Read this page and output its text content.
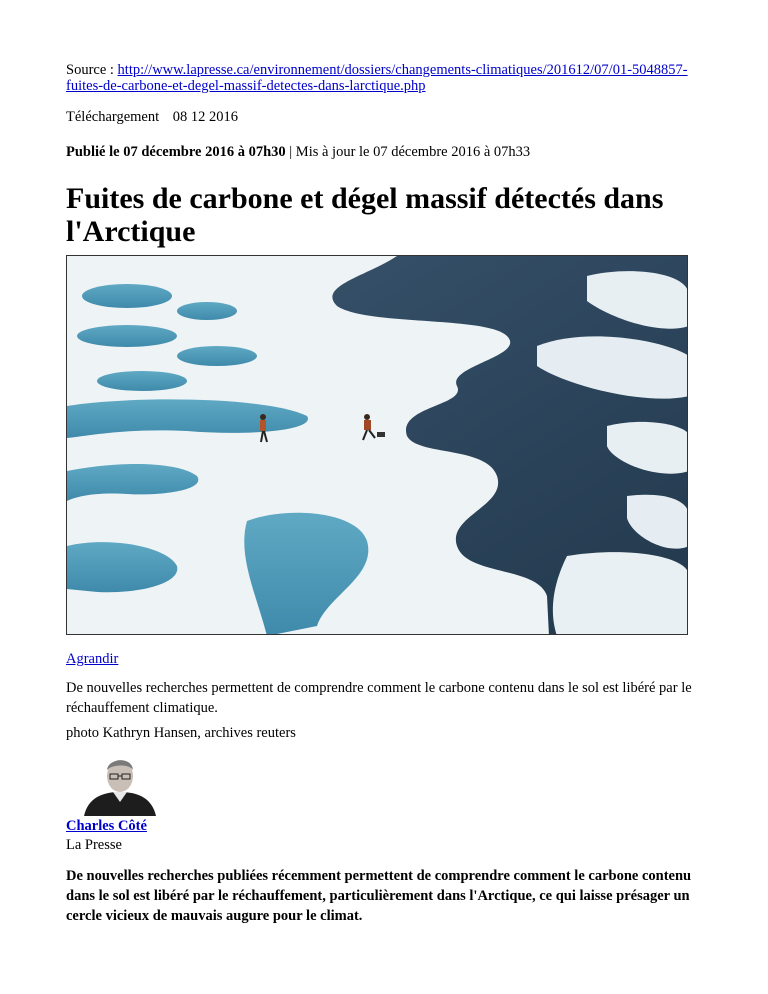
Source : http://www.lapresse.ca/environnement/dossiers/changements-climatiques/201612/07/01-5048857-fuites-de-carbone-et-degel-massif-detectes-dans-larctique.php
Téléchargement 08 12 2016
Publié le 07 décembre 2016 à 07h30 | Mis à jour le 07 décembre 2016 à 07h33
Fuites de carbone et dégel massif détectés dans l'Arctique
Agrandir
De nouvelles recherches permettent de comprendre comment le carbone contenu dans le sol est libéré par le réchauffement climatique.
photo Kathryn Hansen, archives reuters
Charles Côté
La Presse
De nouvelles recherches publiées récemment permettent de comprendre comment le carbone contenu dans le sol est libéré par le réchauffement, particulièrement dans l'Arctique, ce qui laisse présager un cercle vicieux de mauvais augure pour le climat.
